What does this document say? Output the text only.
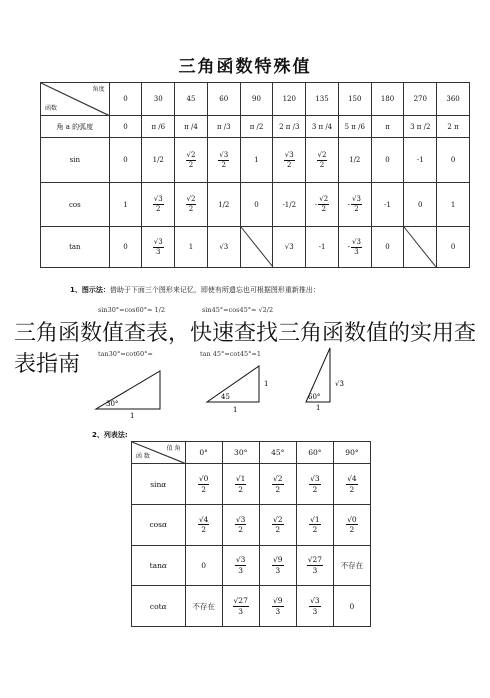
三角函数特殊值
角度
函数	0	30	45	60	90	120	135	150	180	270	360
角 a 的弧度	0	π /6	π /4	π /3	π /2	2 π /3	3 π /4	5 π /6	π	3 π /2	2 π
sin	0	1/2	$\frac{√2}{2}$	$\frac{√3}{2}$	1	$\frac{√3}{2}$	$\frac{√2}{2}$	1/2	0	-1	0
cos	1	$\frac{√3}{2}$	$\frac{√2}{2}$	1/2	0	-1/2	- $\frac{√2}{2}$	- $\frac{√3}{2}$	-1	0	1
tan	0	$\frac{√3}{3}$	1	√3		√3	-1	- $\frac{√3}{3}$	0		0
1、图示法：借助于下面三个图形来记忆，即使有所遗忘也可根据图形重新推出：
sin30°=cos60°= 1/2	sin45°=cos45°= √2/2
tan30°=cot60°=	tan 45°=cot45°=1
30°
1
45
1
1
60°
1
√3
三角函数值查表，快速查找三角函数值的实用查表指南
2、列表法:
值 角
函 数	0°	30°	45°	60°	90°
sinα	$\frac{√0}{2}$	$\frac{√1}{2}$	$\frac{√2}{2}$	$\frac{√3}{2}$	$\frac{√4}{2}$

cosα	$\frac{√4}{2}$	$\frac{√3}{2}$	$\frac{√2}{2}$	$\frac{√1}{2}$	$\frac{√0}{2}$

tanα	0	$\frac{√3}{3}$	$\frac{√9}{3}$	$\frac{√27}{3}$	不存在
cotα	不存在	$\frac{√27}{3}$	$\frac{√9}{3}$	$\frac{√3}{3}$	0
